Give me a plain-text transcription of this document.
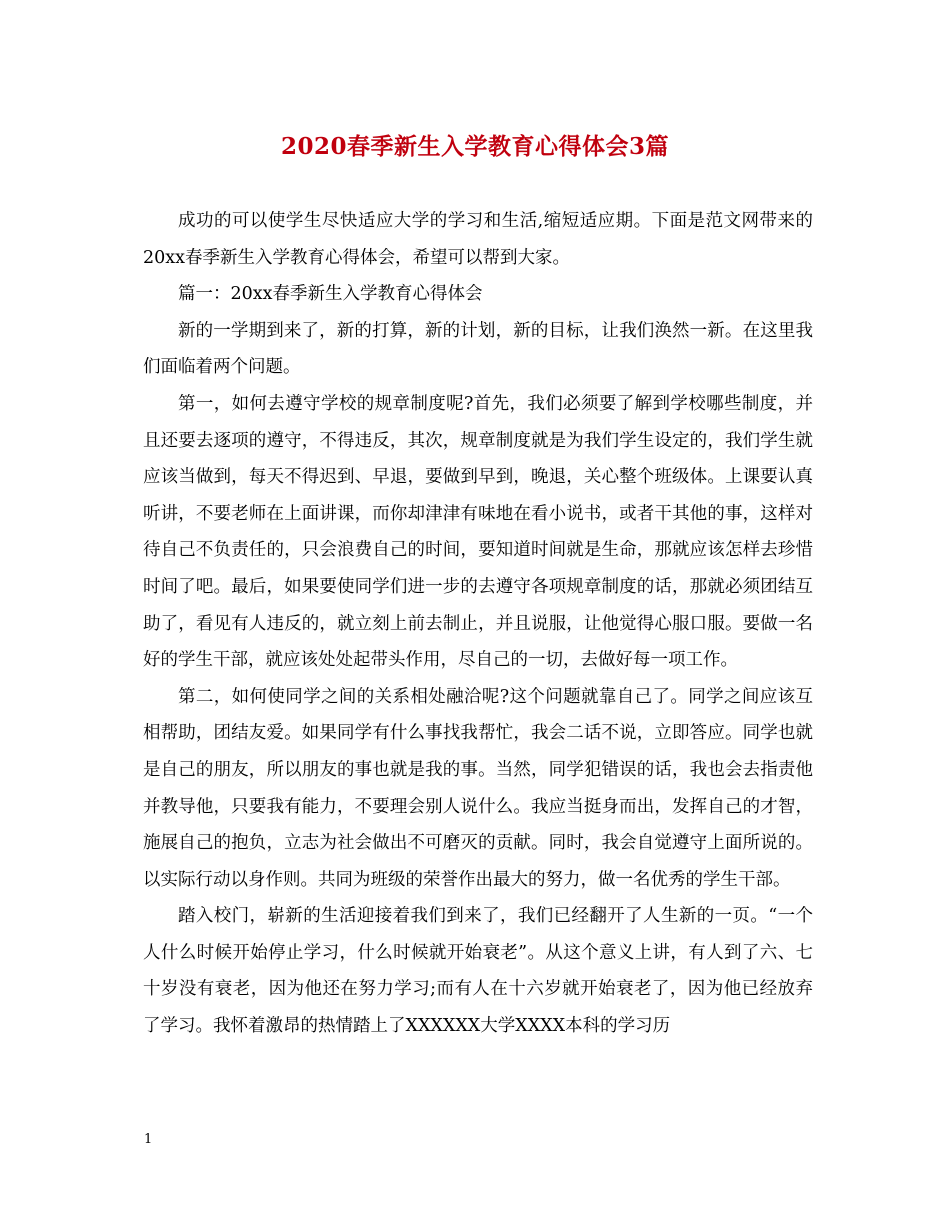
2020春季新生入学教育心得体会3篇

成功的可以使学生尽快适应大学的学习和生活,缩短适应期。下面是范文网带来的20xx春季新生入学教育心得体会，希望可以帮到大家。

篇一：20xx春季新生入学教育心得体会

新的一学期到来了，新的打算，新的计划，新的目标，让我们涣然一新。在这里我们面临着两个问题。

第一，如何去遵守学校的规章制度呢?首先，我们必须要了解到学校哪些制度，并且还要去逐项的遵守，不得违反，其次，规章制度就是为我们学生设定的，我们学生就应该当做到，每天不得迟到、早退，要做到早到，晚退，关心整个班级体。上课要认真听讲，不要老师在上面讲课，而你却津津有味地在看小说书，或者干其他的事，这样对待自己不负责任的，只会浪费自己的时间，要知道时间就是生命，那就应该怎样去珍惜时间了吧。最后，如果要使同学们进一步的去遵守各项规章制度的话，那就必须团结互助了，看见有人违反的，就立刻上前去制止，并且说服，让他觉得心服口服。要做一名好的学生干部，就应该处处起带头作用，尽自己的一切，去做好每一项工作。

第二，如何使同学之间的关系相处融洽呢?这个问题就靠自己了。同学之间应该互相帮助，团结友爱。如果同学有什么事找我帮忙，我会二话不说，立即答应。同学也就是自己的朋友，所以朋友的事也就是我的事。当然，同学犯错误的话，我也会去指责他并教导他，只要我有能力，不要理会别人说什么。我应当挺身而出，发挥自己的才智，施展自己的抱负，立志为社会做出不可磨灭的贡献。同时，我会自觉遵守上面所说的。以实际行动以身作则。共同为班级的荣誉作出最大的努力，做一名优秀的学生干部。

踏入校门，崭新的生活迎接着我们到来了，我们已经翻开了人生新的一页。“一个人什么时候开始停止学习，什么时候就开始衰老”。从这个意义上讲，有人到了六、七十岁没有衰老，因为他还在努力学习;而有人在十六岁就开始衰老了，因为他已经放弃了学习。我怀着激昂的热情踏上了XXXXXX大学XXXX本科的学习历

1
